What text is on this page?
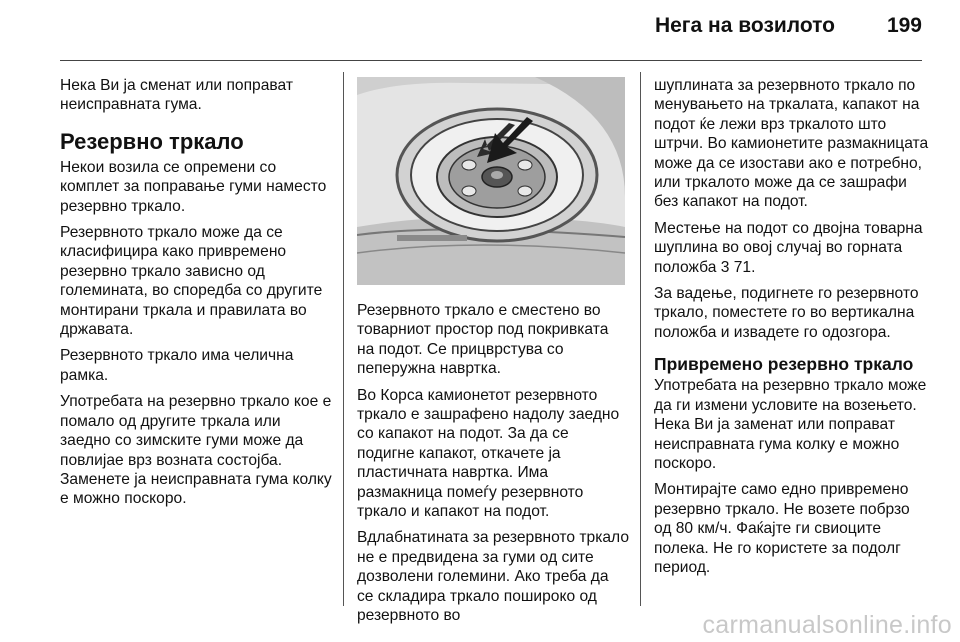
Нега на возилото 199

Нека Ви ја сменат или поправат неисправната гума.

Резервно тркало

Некои возила се опремени со комплет за поправање гуми наместо резервно тркало.

Резервното тркало може да се класифицира како привремено резервно тркало зависно од големината, во споредба со другите монтирани тркала и правилата во државата.

Резервното тркало има челична рамка.

Употребата на резервно тркало кое е помало од другите тркала или заедно со зимските гуми може да повлијае врз возната состојба. Заменете ја неисправната гума колку е можно поскоро.

Резервното тркало е сместено во товарниот простор под покривката на подот. Се прицврстува со пеперужна навртка.

Во Корса камионетот резервното тркало е зашрафено надолу заедно со капакот на подот. За да се подигне капакот, откачете ја пластичната навртка. Има размакница помеѓу резервното тркало и капакот на подот.

Вдлабнатината за резервното тркало не е предвидена за гуми од сите дозволени големини. Ако треба да се складира тркало пошироко од резервното во

шуплината за резервното тркало по менувањето на тркалата, капакот на подот ќе лежи врз тркалото што штрчи. Во камионетите размакницата може да се изостави ако е потребно, или тркалото може да се зашрафи без капакот на подот.

Местење на подот со двојна товарна шуплина во овој случај во горната положба 3 71.

За вадење, подигнете го резервното тркало, поместете го во вертикална положба и извадете го одозгора.

Привремено резервно тркало

Употребата на резервно тркало може да ги измени условите на возењето. Нека Ви ја заменат или поправат неисправната гума колку е можно поскоро.

Монтирајте само едно привремено резервно тркало. Не возете побрзо од 80 км/ч. Фаќајте ги свиоците полека. Не го користете за подолг период.

carmanualsonline.info
